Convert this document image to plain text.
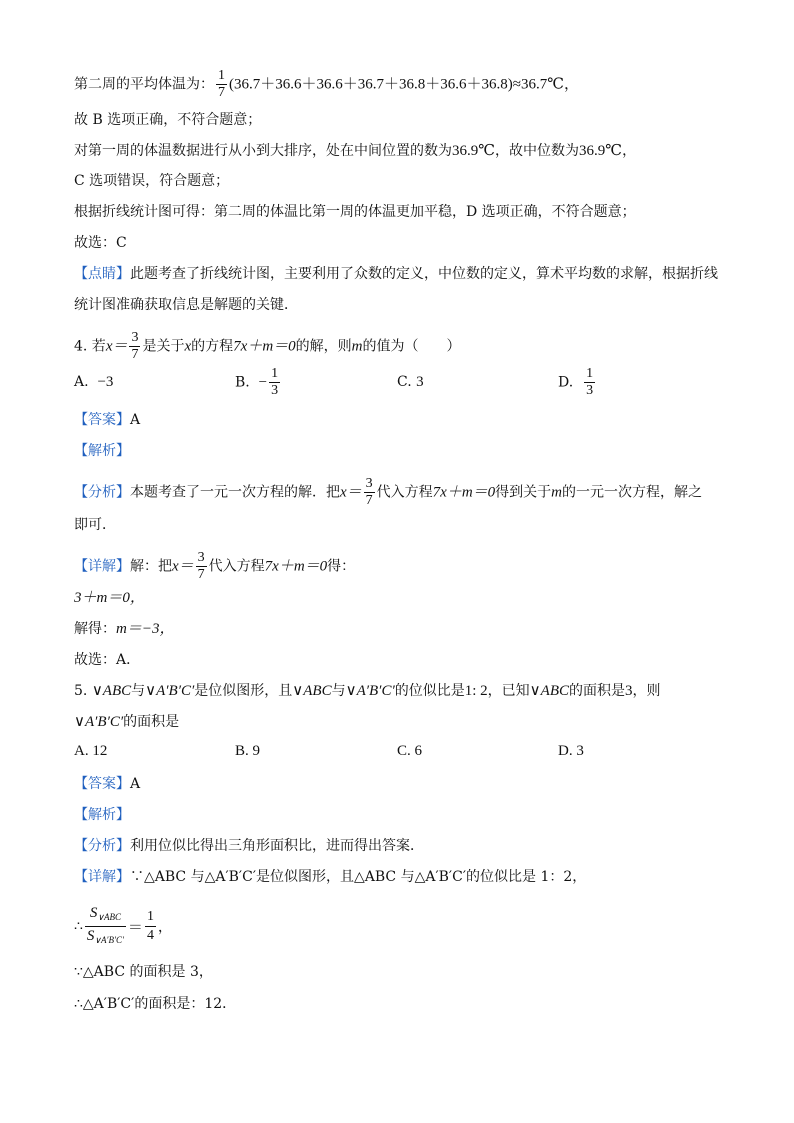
第二周的平均体温为： $\frac{1}{7}$ (36.7＋36.6＋36.6＋36.7＋36.8＋36.6＋36.8)≈36.7℃，
故 B 选项正确，不符合题意；
对第一周的体温数据进行从小到大排序，处在中间位置的数为36.9℃，故中位数为36.9℃，
C 选项错误，符合题意；
根据折线统计图可得：第二周的体温比第一周的体温更加平稳，D 选项正确，不符合题意；
故选：C
【点睛】此题考查了折线统计图，主要利用了众数的定义，中位数的定义，算术平均数的求解，根据折线
统计图准确获取信息是解题的关键．
4. 若$x= \frac{3}{7}$ 是关于x的方程7x＋m＝0的解，则m的值为（　　）
A. −3	B. − $\frac{1}{3}$	C. 3	D. $\frac{1}{3}$
【答案】A
【解析】
【分析】本题考查了一元一次方程的解．把$x= \frac{3}{7}$ 代入方程7x＋m＝0得到关于m的一元一次方程，解之
即可．
【详解】解：把$x= \frac{3}{7}$ 代入方程7x＋m＝0得：
3＋m＝0，
解得：m＝−3，
故选：A．
5. ∨ABC与∨A′B′C′是位似图形，且∨ABC与∨A′B′C′的位似比是1: 2，已知∨ABC的面积是3，则
∨A′B′C′的面积是
A. 12	B. 9	C. 6	D. 3
【答案】A
【解析】
【分析】利用位似比得出三角形面积比，进而得出答案．
【详解】∵△ABC 与△A′B′C′是位似图形，且△ABC 与△A′B′C′的位似比是 1：2，
∴ $\frac{S_{\vee ABC}}{S_{\vee A'B'C'}} = \frac{1}{4}$ ，
∵△ABC 的面积是 3，
∴△A′B′C′的面积是：12．
